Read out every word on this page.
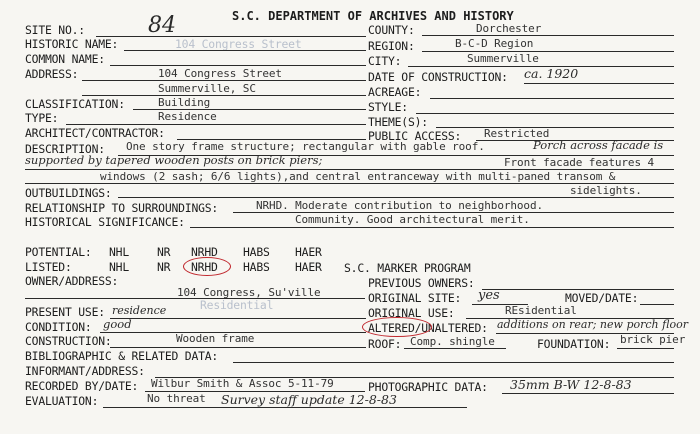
S.C. DEPARTMENT OF ARCHIVES AND HISTORY
SITE NO.:	84
HISTORIC NAME:	104 Congress Street
COMMON NAME:
ADDRESS:	104 Congress Street
Summerville, SC
CLASSIFICATION:	Building
TYPE:	Residence
ARCHITECT/CONTRACTOR:
COUNTY:	Dorchester
REGION:	B-C-D Region
CITY:	Summerville
DATE OF CONSTRUCTION: ca. 1920
ACREAGE:
STYLE:
THEME(S):
PUBLIC ACCESS: Restricted
DESCRIPTION: One story frame structure; rectangular with gable roof.	Porch across facade is
supported by tapered wooden posts on brick piers;	Front facade features 4
windows (2 sash; 6/6 lights),and central entranceway with multi-paned transom &
sidelights.
OUTBUILDINGS:
RELATIONSHIP TO SURROUNDINGS:	NRHD. Moderate contribution to neighborhood.
HISTORICAL SIGNIFICANCE:	Community. Good architectural merit.
POTENTIAL: NHL NR NRHD HABS HAER
LISTED:	NHL NR NRHD HABS HAER S.C. MARKER PROGRAM
OWNER/ADDRESS:
104 Congress, Su'ville
Residential
PREVIOUS OWNERS:
ORIGINAL SITE: yes	MOVED/DATE:
PRESENT USE: residence	ORIGINAL USE:	REsidential
CONDITION: good	ALTERED/UNALTERED: additions on rear; new porch floor
CONSTRUCTION:	Wooden frame	ROOF: Comp. shingle	FOUNDATION: brick pier
BIBLIOGRAPHIC & RELATED DATA:
INFORMANT/ADDRESS:
RECORDED BY/DATE: Wilbur Smith & Assoc 5-11-79	PHOTOGRAPHIC DATA: 35mm B-W 12-8-83
EVALUATION:	No threat Survey staff update 12-8-83
